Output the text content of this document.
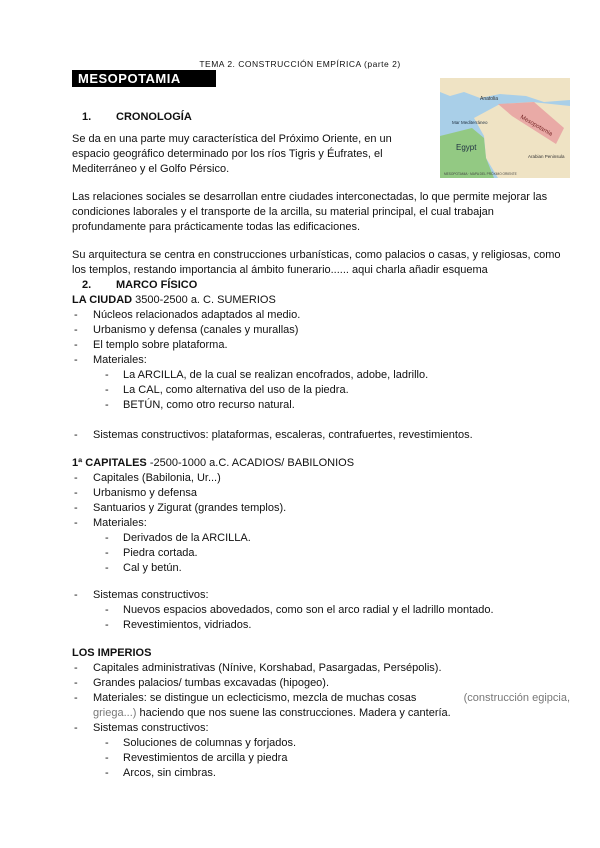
TEMA 2. CONSTRUCCIÓN EMPÍRICA (parte 2)
MESOPOTAMIA
Anatolia
Mesopotamia
Mar Mediterráneo
Egypt
Arabian Peninsula
MESOPOTAMIA · MAPA DEL PRÓXIMO ORIENTE
1. CRONOLOGÍA
Se da en una parte muy característica del Próximo Oriente, en un
espacio geográfico determinado por los ríos Tigris y Éufrates, el
Mediterráneo y el Golfo Pérsico.
Las relaciones sociales se desarrollan entre ciudades interconectadas, lo que permite mejorar las
condiciones laborales y el transporte de la arcilla, su material principal, el cual trabajan
profundamente para prácticamente todas las edificaciones.
Su arquitectura se centra en construcciones urbanísticas, como palacios o casas, y religiosas, como
los templos, restando importancia al ámbito funerario...... aqui charla añadir esquema
2. MARCO FÍSICO
LA CIUDAD 3500-2500 a. C. SUMERIOS
- Núcleos relacionados adaptados al medio.
- Urbanismo y defensa (canales y murallas)
- El templo sobre plataforma.
- Materiales:
- La ARCILLA, de la cual se realizan encofrados, adobe, ladrillo.
- La CAL, como alternativa del uso de la piedra.
- BETÚN, como otro recurso natural.
- Sistemas constructivos: plataformas, escaleras, contrafuertes, revestimientos.
1ª CAPITALES -2500-1000 a.C. ACADIOS/ BABILONIOS
- Capitales (Babilonia, Ur...)
- Urbanismo y defensa
- Santuarios y Zigurat (grandes templos).
- Materiales:
- Derivados de la ARCILLA.
- Piedra cortada.
- Cal y betún.
- Sistemas constructivos:
- Nuevos espacios abovedados, como son el arco radial y el ladrillo montado.
- Revestimientos, vidriados.
LOS IMPERIOS
- Capitales administrativas (Nínive, Korshabad, Pasargadas, Persépolis).
- Grandes palacios/ tumbas excavadas (hipogeo).
- Materiales: se distingue un eclecticismo, mezcla de muchas cosas	(construcción egipcia,
griega...) haciendo que nos suene las construcciones. Madera y cantería.
- Sistemas constructivos:
- Soluciones de columnas y forjados.
- Revestimientos de arcilla y piedra
- Arcos, sin cimbras.
